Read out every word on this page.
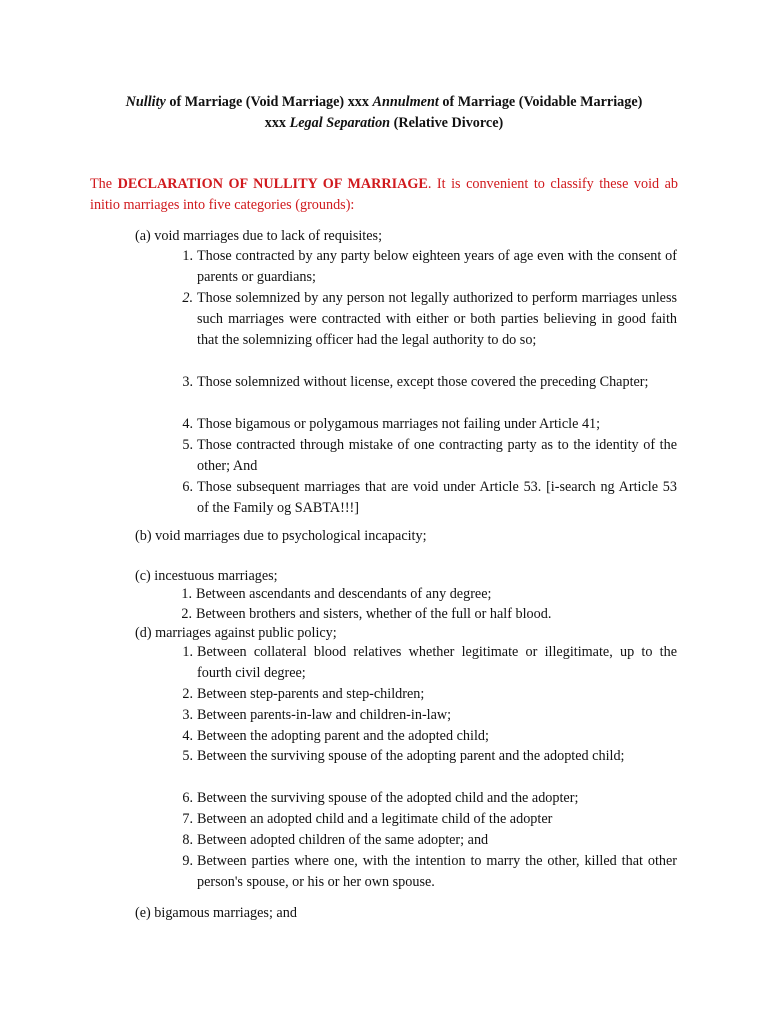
Nullity of Marriage (Void Marriage) xxx Annulment of Marriage (Voidable Marriage)
xxx Legal Separation (Relative Divorce)
The DECLARATION OF NULLITY OF MARRIAGE. It is convenient to classify these void ab initio marriages into five categories (grounds):
(a) void marriages due to lack of requisites;
1. Those contracted by any party below eighteen years of age even with the consent of parents or guardians;
2. Those solemnized by any person not legally authorized to perform marriages unless such marriages were contracted with either or both parties believing in good faith that the solemnizing officer had the legal authority to do so;
3. Those solemnized without license, except those covered the preceding Chapter;
4. Those bigamous or polygamous marriages not failing under Article 41;
5. Those contracted through mistake of one contracting party as to the identity of the other; And
6. Those subsequent marriages that are void under Article 53. [i-search ng Article 53 of the Family og SABTA!!!]
(b) void marriages due to psychological incapacity;
(c) incestuous marriages;
1. Between ascendants and descendants of any degree;
2. Between brothers and sisters, whether of the full or half blood.
(d) marriages against public policy;
1. Between collateral blood relatives whether legitimate or illegitimate, up to the fourth civil degree;
2. Between step-parents and step-children;
3. Between parents-in-law and children-in-law;
4. Between the adopting parent and the adopted child;
5. Between the surviving spouse of the adopting parent and the adopted child;
6. Between the surviving spouse of the adopted child and the adopter;
7. Between an adopted child and a legitimate child of the adopter
8. Between adopted children of the same adopter; and
9. Between parties where one, with the intention to marry the other, killed that other person's spouse, or his or her own spouse.
(e) bigamous marriages; and
